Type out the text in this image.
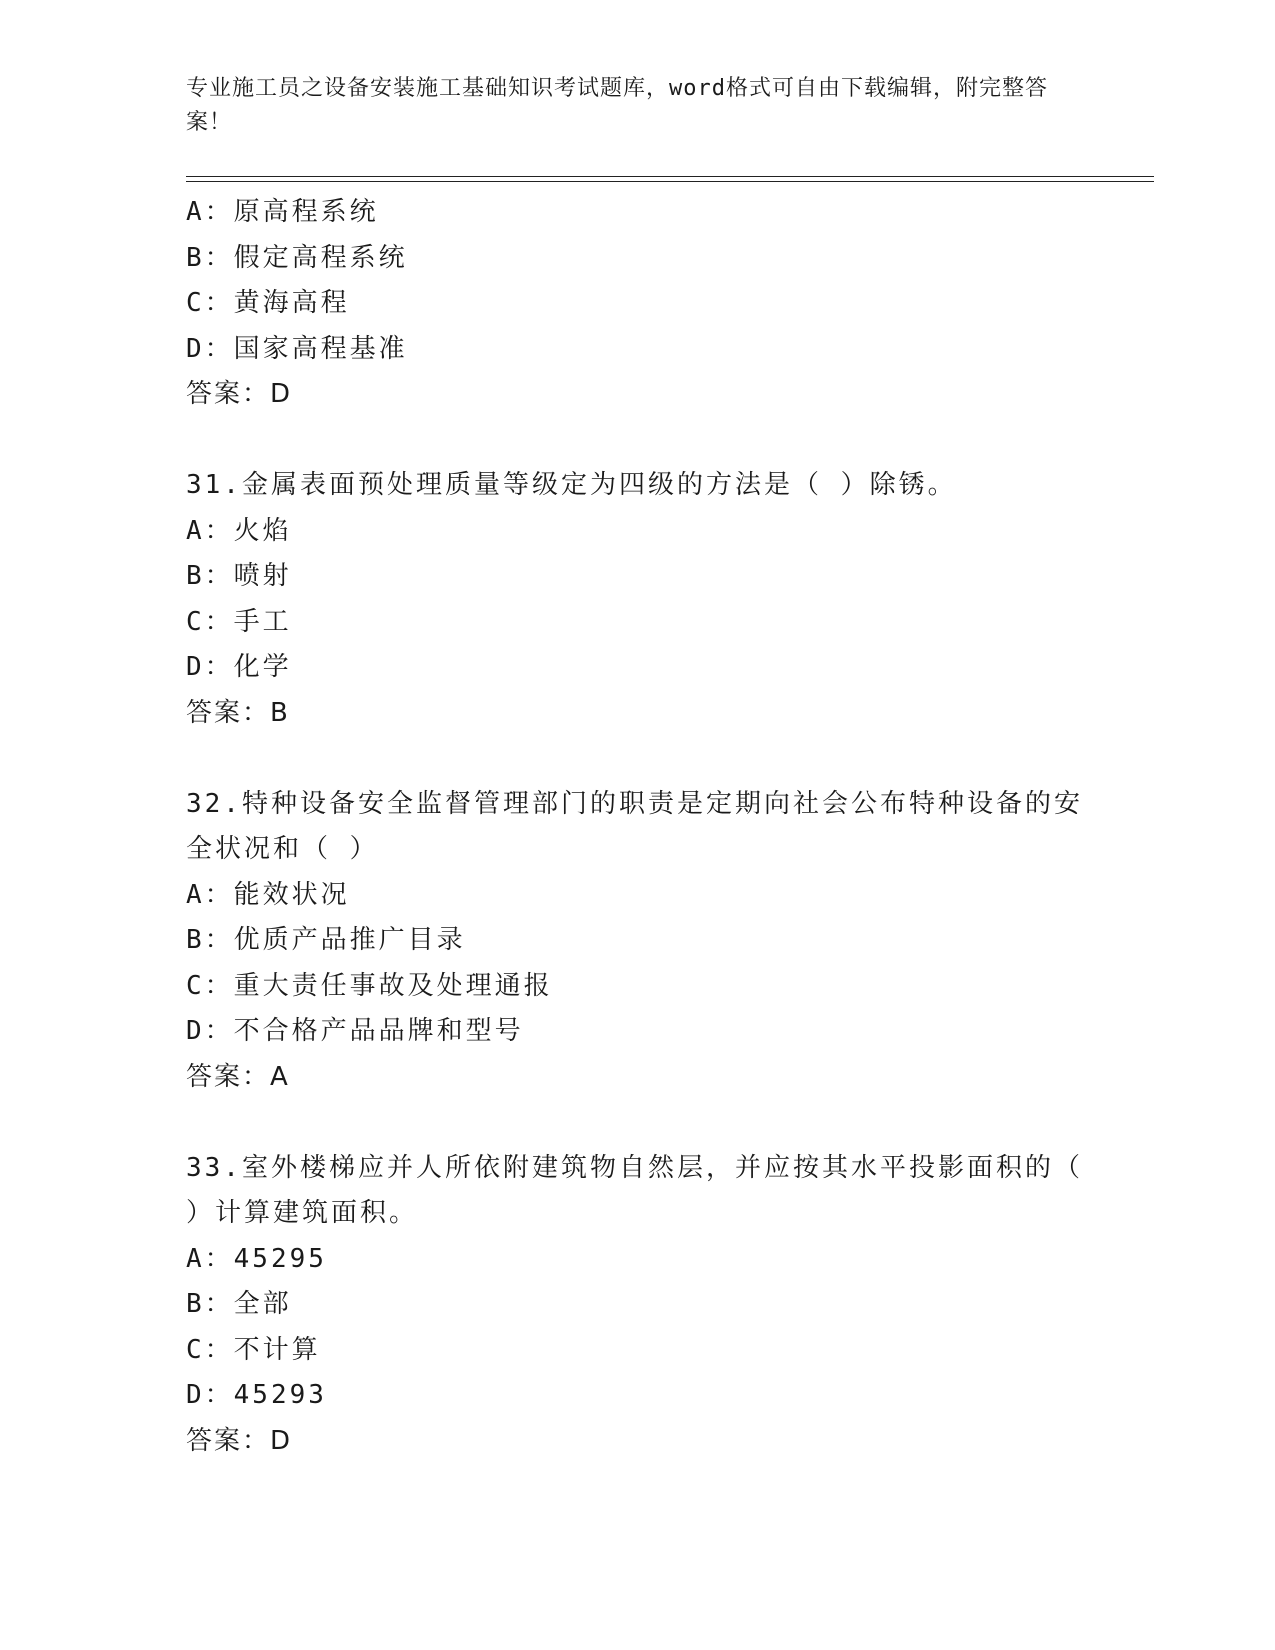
专业施工员之设备安装施工基础知识考试题库，word格式可自由下载编辑，附完整答案！
A：原高程系统
B：假定高程系统
C：黄海高程
D：国家高程基准
答案：D
31.金属表面预处理质量等级定为四级的方法是（ ）除锈。
A：火焰
B：喷射
C：手工
D：化学
答案：B
32.特种设备安全监督管理部门的职责是定期向社会公布特种设备的安全状况和（ ）
A：能效状况
B：优质产品推广目录
C：重大责任事故及处理通报
D：不合格产品品牌和型号
答案：A
33.室外楼梯应并人所依附建筑物自然层，并应按其水平投影面积的（ ）计算建筑面积。
A：45295
B：全部
C：不计算
D：45293
答案：D
